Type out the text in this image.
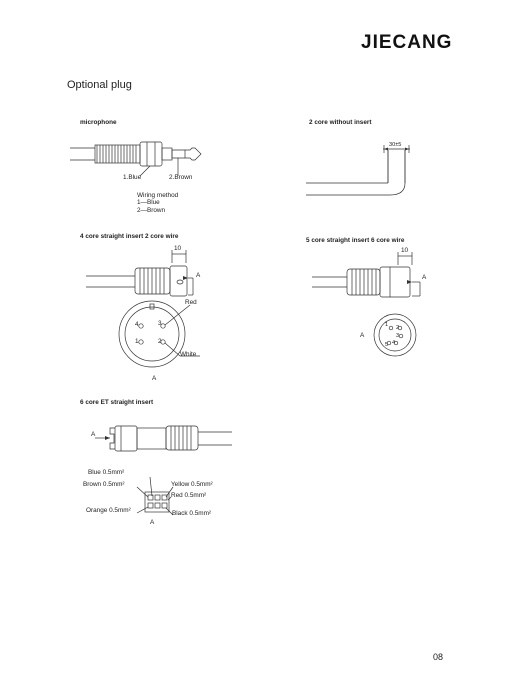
JIECANG
Optional plug
microphone
1.Blue	2.Brown
Wiring method
1—Blue
2—Brown
2 core without insert
30±5
4 core straight insert 2 core wire
10
A
Red
White
4	3
1	2
A
5 core straight insert 6 core wire
10
A
A
1 2
3
4
5
6 core ET straight insert
A
Blue 0.5mm²
Brown 0.5mm²	Yellow 0.5mm²
Red 0.5mm²
Orange 0.5mm²	Black 0.5mm²
A
08
